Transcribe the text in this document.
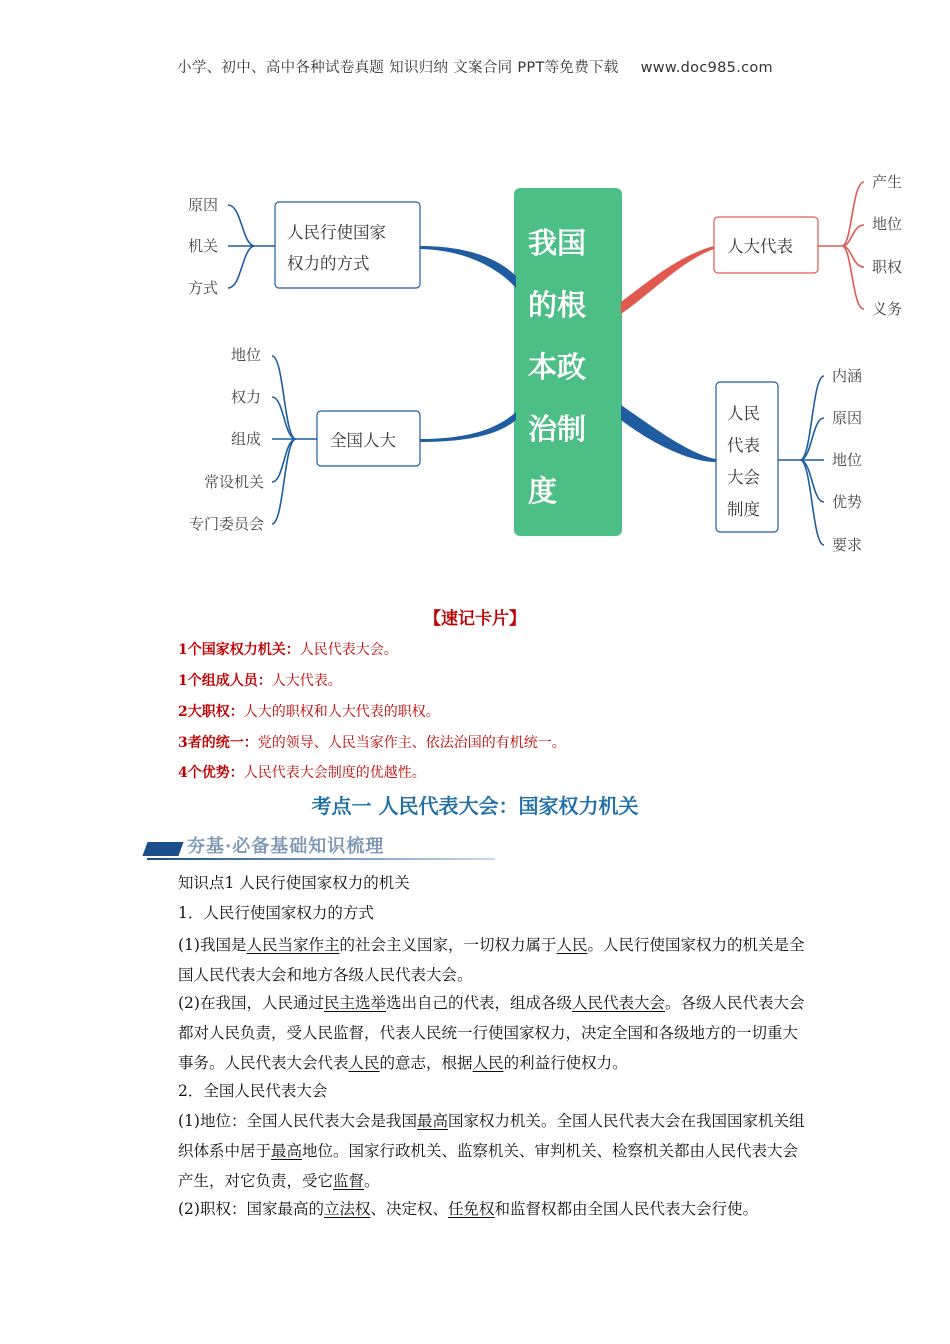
小学、初中、高中各种试卷真题 知识归纳 文案合同 PPT等免费下载 www.doc985.com
我国
的根
本政
治制
度
人民行使国家
权力的方式
原因
机关
方式
全国人大
地位
权力
组成
常设机关
专门委员会
人大代表
产生
地位
职权
义务
人民
代表
大会
制度
内涵
原因
地位
优势
要求
【速记卡片】
1个国家权力机关：人民代表大会。
1个组成人员：人大代表。
2大职权：人大的职权和人大代表的职权。
3者的统一：党的领导、人民当家作主、依法治国的有机统一。
4个优势：人民代表大会制度的优越性。
考点一 人民代表大会：国家权力机关
夯基·必备基础知识梳理
知识点1 人民行使国家权力的机关
1．人民行使国家权力的方式
(1)我国是人民当家作主的社会主义国家，一切权力属于人民。人民行使国家权力的机关是全国人民代表大会和地方各级人民代表大会。
(2)在我国，人民通过民主选举选出自己的代表，组成各级人民代表大会。各级人民代表大会都对人民负责，受人民监督，代表人民统一行使国家权力，决定全国和各级地方的一切重大事务。人民代表大会代表人民的意志，根据人民的利益行使权力。
2．全国人民代表大会
(1)地位：全国人民代表大会是我国最高国家权力机关。全国人民代表大会在我国国家机关组织体系中居于最高地位。国家行政机关、监察机关、审判机关、检察机关都由人民代表大会产生，对它负责，受它监督。
(2)职权：国家最高的立法权、决定权、任免权和监督权都由全国人民代表大会行使。
